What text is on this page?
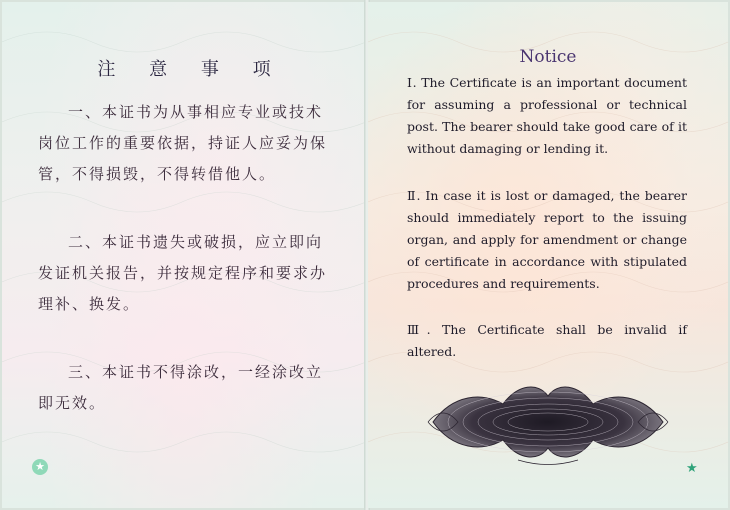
注 意 事 项

一、本证书为从事相应专业或技术岗位工作的重要依据，持证人应妥为保管，不得损毁，不得转借他人。

二、本证书遗失或破损，应立即向发证机关报告，并按规定程序和要求办理补、换发。

三、本证书不得涂改，一经涂改立即无效。

★
Notice

Ⅰ. The Certificate is an important document for assuming a professional or technical post. The bearer should take good care of it without damaging or lending it.

Ⅱ. In case it is lost or damaged, the bearer should immediately report to the issuing organ, and apply for amendment or change of certificate in accordance with stipulated procedures and requirements.

Ⅲ. The Certificate shall be invalid if altered.

★
